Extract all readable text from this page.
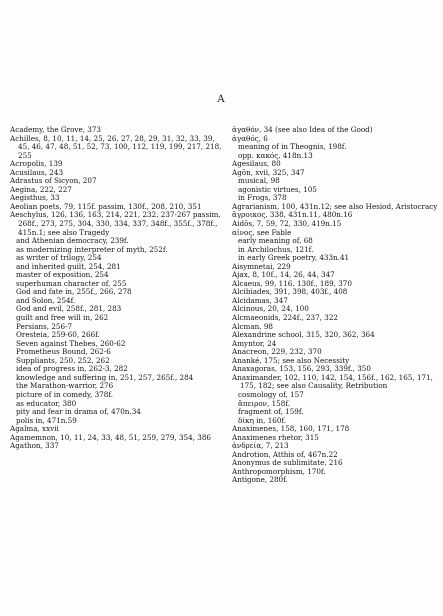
A
Academy, the Grove, 373
Achilles, 8, 10, 11, 14, 25, 26, 27, 28, 29, 31, 32, 33, 39, 45, 46, 47, 48, 51, 52, 73, 100, 112, 119, 199, 217, 218, 255
Acropolis, 139
Acusilaus, 243
Adrastus of Sicyon, 207
Aegina, 222, 227
Aegisthus, 33
Aeolian poets, 79, 115f. passim, 130f., 208, 210, 351
Aeschylus, 126, 136, 163, 214, 221, 232, 237-267 passim, 268f., 273, 275, 304, 330, 334, 337, 348f., 355f., 378f., 415n.1; see also Tragedy
and Athenian democracy, 239f.
as modernizing interpreter of myth, 252f.
as writer of trilogy, 254
and inherited guilt, 254, 281
master of exposition, 254
superhuman character of, 255
God and fate in, 255f., 266, 278
and Solon, 254f.
God and evil, 258f., 281, 283
guilt and free will in, 262
Persians, 256-7
Oresteia, 259-60, 266f.
Seven against Thebes, 260-62
Prometheus Bound, 262-6
Suppliants, 250, 252, 262
idea of progress in, 262-3, 282
knowledge and suffering in, 251, 257, 265f., 284
the Marathon-warrior, 276
picture of in comedy, 378f.
as educator, 380
pity and fear in drama of, 470n.34
polis in, 471n.59
Agalma, xxvii
Agamemnon, 10, 11, 24, 33, 48, 51, 259, 279, 354, 386
Agathon, 337
ἀγαθόν, 34 (see also Idea of the Good)
ἀγαθός, 6
meaning of in Theognis, 198f.
opp. κακός, 418n.13
Agesilaus, 80
Agōn, xvii, 325, 347
musical, 98
agonistic virtues, 105
in Frogs, 378
Agrarianism, 100, 431n.12; see also Hesiod, Aristocracy
ἄγροικος, 338, 431n.11, 480n.16
Aidōs, 7, 59, 72, 330, 419n.15
αἶνος, see Fable
early meaning of, 68
in Archilochus, 121f.
in early Greek poetry, 433n.41
Aisymnetai, 229
Ajax, 8, 10f., 14, 26, 44, 347
Alcaeus, 99, 116, 130f., 189, 370
Alcibiades, 391, 398, 403f., 408
Alcidamas, 347
Alcinous, 20, 24, 100
Alcmaeonids, 224f., 237, 322
Alcman, 98
Alexandrine school, 315, 320, 362, 364
Amyntor, 24
Anacreon, 229, 232, 370
Ananké, 175; see also Necessity
Anaxagoras, 153, 156, 293, 339f., 350
Anaximander, 102, 110, 142, 154, 156f., 162, 165, 171, 175, 182; see also Causality, Retribution
cosmology of, 157
ἄπειρον, 158f.
fragment of, 159f.
δίκη in, 160f.
Anaximenes, 158, 160, 171, 178
Anaximenes rhetor, 315
ἀνδρεία, 7, 213
Androtion, Atthis of, 467n.22
Anonymus de sublimitate, 216
Anthropomorphism, 170f.
Antigone, 280f.
